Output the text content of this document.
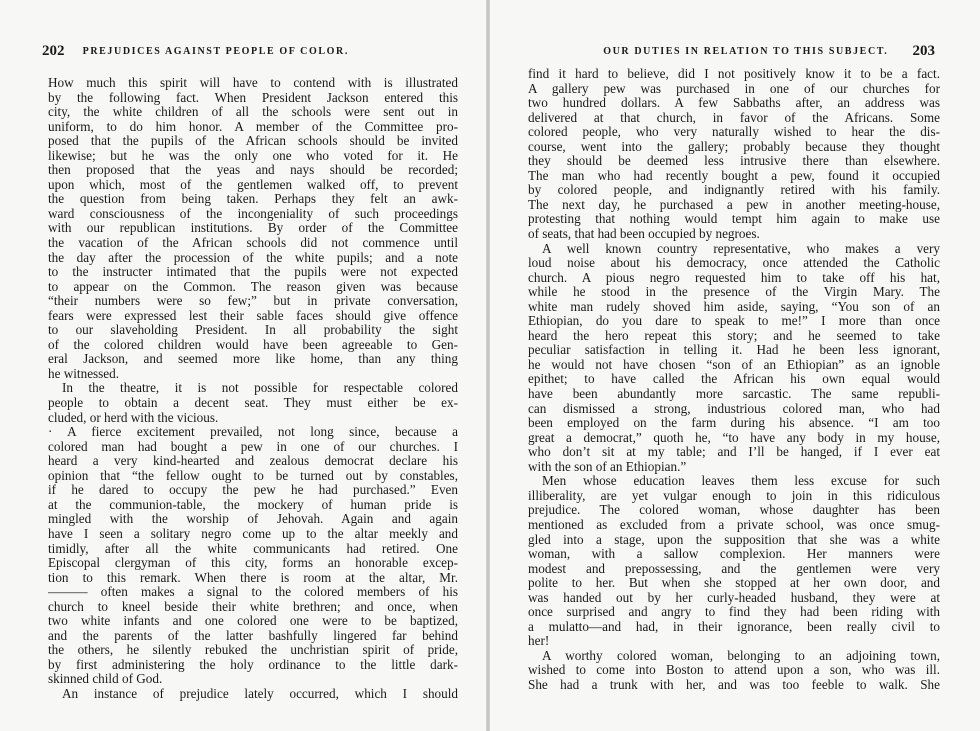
202 PREJUDICES AGAINST PEOPLE OF COLOR.
How much this spirit will have to contend with is illustrated
by the following fact. When President Jackson entered this
city, the white children of all the schools were sent out in
uniform, to do him honor. A member of the Committee pro-
posed that the pupils of the African schools should be invited
likewise; but he was the only one who voted for it. He
then proposed that the yeas and nays should be recorded;
upon which, most of the gentlemen walked off, to prevent
the question from being taken. Perhaps they felt an awk-
ward consciousness of the incongeniality of such proceedings
with our republican institutions. By order of the Committee
the vacation of the African schools did not commence until
the day after the procession of the white pupils; and a note
to the instructer intimated that the pupils were not expected
to appear on the Common. The reason given was because
“their numbers were so few;” but in private conversation,
fears were expressed lest their sable faces should give offence
to our slaveholding President. In all probability the sight
of the colored children would have been agreeable to Gen-
eral Jackson, and seemed more like home, than any thing
he witnessed.
In the theatre, it is not possible for respectable colored
people to obtain a decent seat. They must either be ex-
cluded, or herd with the vicious.
· A fierce excitement prevailed, not long since, because a
colored man had bought a pew in one of our churches. I
heard a very kind-hearted and zealous democrat declare his
opinion that “the fellow ought to be turned out by constables,
if he dared to occupy the pew he had purchased.” Even
at the communion-table, the mockery of human pride is
mingled with the worship of Jehovah. Again and again
have I seen a solitary negro come up to the altar meekly and
timidly, after all the white communicants had retired. One
Episcopal clergyman of this city, forms an honorable excep-
tion to this remark. When there is room at the altar, Mr.
——— often makes a signal to the colored members of his
church to kneel beside their white brethren; and once, when
two white infants and one colored one were to be baptized,
and the parents of the latter bashfully lingered far behind
the others, he silently rebuked the unchristian spirit of pride,
by first administering the holy ordinance to the little dark-
skinned child of God.
An instance of prejudice lately occurred, which I should
OUR DUTIES IN RELATION TO THIS SUBJECT. 203
find it hard to believe, did I not positively know it to be a fact.
A gallery pew was purchased in one of our churches for
two hundred dollars. A few Sabbaths after, an address was
delivered at that church, in favor of the Africans. Some
colored people, who very naturally wished to hear the dis-
course, went into the gallery; probably because they thought
they should be deemed less intrusive there than elsewhere.
The man who had recently bought a pew, found it occupied
by colored people, and indignantly retired with his family.
The next day, he purchased a pew in another meeting-house,
protesting that nothing would tempt him again to make use
of seats, that had been occupied by negroes.
A well known country representative, who makes a very
loud noise about his democracy, once attended the Catholic
church. A pious negro requested him to take off his hat,
while he stood in the presence of the Virgin Mary. The
white man rudely shoved him aside, saying, “You son of an
Ethiopian, do you dare to speak to me!” I more than once
heard the hero repeat this story; and he seemed to take
peculiar satisfaction in telling it. Had he been less ignorant,
he would not have chosen “son of an Ethiopian” as an ignoble
epithet; to have called the African his own equal would
have been abundantly more sarcastic. The same republi-
can dismissed a strong, industrious colored man, who had
been employed on the farm during his absence. “I am too
great a democrat,” quoth he, “to have any body in my house,
who don’t sit at my table; and I’ll be hanged, if I ever eat
with the son of an Ethiopian.”
Men whose education leaves them less excuse for such
illiberality, are yet vulgar enough to join in this ridiculous
prejudice. The colored woman, whose daughter has been
mentioned as excluded from a private school, was once smug-
gled into a stage, upon the supposition that she was a white
woman, with a sallow complexion. Her manners were
modest and prepossessing, and the gentlemen were very
polite to her. But when she stopped at her own door, and
was handed out by her curly-headed husband, they were at
once surprised and angry to find they had been riding with
a mulatto—and had, in their ignorance, been really civil to
her!
A worthy colored woman, belonging to an adjoining town,
wished to come into Boston to attend upon a son, who was ill.
She had a trunk with her, and was too feeble to walk. She
